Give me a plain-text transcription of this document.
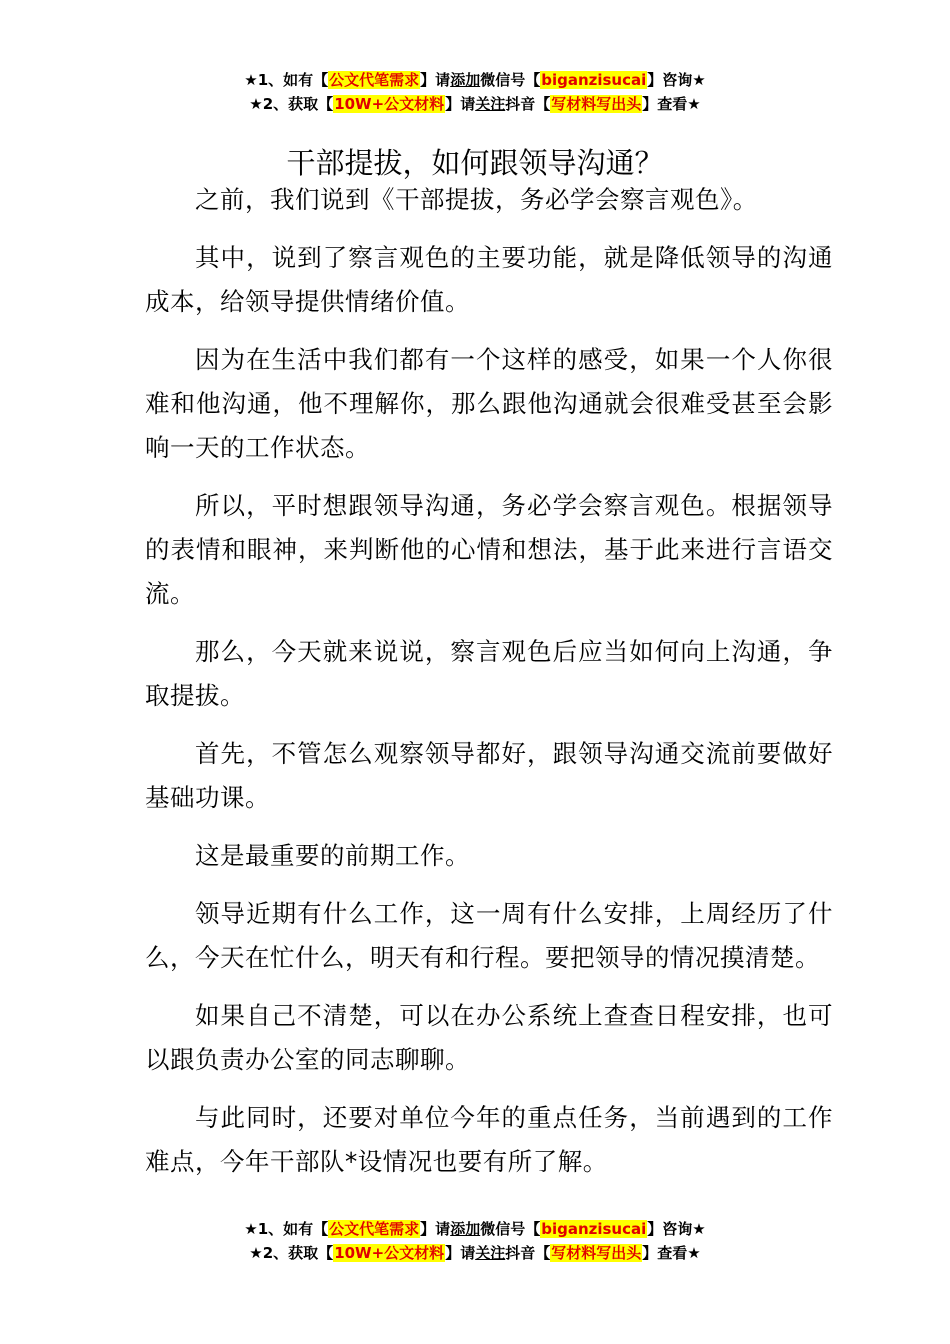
★1、如有【公文代笔需求】请添加微信号【biganzisucai】咨询★
★2、获取【10W+公文材料】请关注抖音【写材料写出头】查看★
干部提拔，如何跟领导沟通？

之前，我们说到《干部提拔，务必学会察言观色》。

其中，说到了察言观色的主要功能，就是降低领导的沟通成本，给领导提供情绪价值。

因为在生活中我们都有一个这样的感受，如果一个人你很难和他沟通，他不理解你，那么跟他沟通就会很难受甚至会影响一天的工作状态。

所以，平时想跟领导沟通，务必学会察言观色。根据领导的表情和眼神，来判断他的心情和想法，基于此来进行言语交流。

那么，今天就来说说，察言观色后应当如何向上沟通，争取提拔。

首先，不管怎么观察领导都好，跟领导沟通交流前要做好基础功课。

这是最重要的前期工作。

领导近期有什么工作，这一周有什么安排，上周经历了什么，今天在忙什么，明天有和行程。要把领导的情况摸清楚。

如果自己不清楚，可以在办公系统上查查日程安排，也可以跟负责办公室的同志聊聊。

与此同时，还要对单位今年的重点任务，当前遇到的工作难点，今年干部队*设情况也要有所了解。

★1、如有【公文代笔需求】请添加微信号【biganzisucai】咨询★
★2、获取【10W+公文材料】请关注抖音【写材料写出头】查看★
